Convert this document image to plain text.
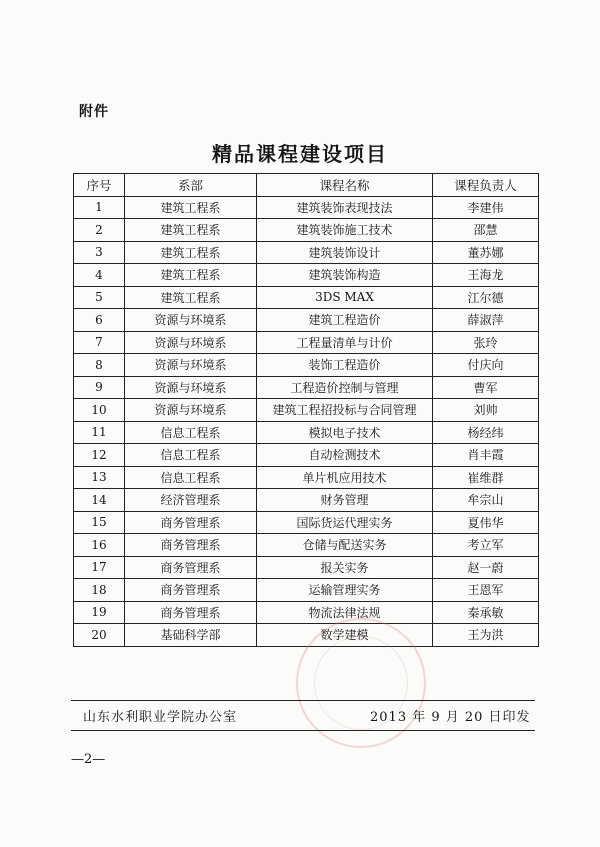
附件
精品课程建设项目
序号	系部	课程名称	课程负责人
1	建筑工程系	建筑装饰表现技法	李建伟
2	建筑工程系	建筑装饰施工技术	邵慧
3	建筑工程系	建筑装饰设计	董苏娜
4	建筑工程系	建筑装饰构造	王海龙
5	建筑工程系	3DS MAX	江尔德
6	资源与环境系	建筑工程造价	薛淑萍
7	资源与环境系	工程量清单与计价	张玲
8	资源与环境系	装饰工程造价	付庆向
9	资源与环境系	工程造价控制与管理	曹军
10	资源与环境系	建筑工程招投标与合同管理	刘帅
11	信息工程系	模拟电子技术	杨经纬
12	信息工程系	自动检测技术	肖丰霞
13	信息工程系	单片机应用技术	崔维群
14	经济管理系	财务管理	牟宗山
15	商务管理系	国际货运代理实务	夏伟华
16	商务管理系	仓储与配送实务	考立军
17	商务管理系	报关实务	赵一蔚
18	商务管理系	运输管理实务	王恩军
19	商务管理系	物流法律法规	秦承敏
20	基础科学部	数学建模	王为洪
山东水利职业学院办公室	2013 年 9 月 20 日印发
—2—
